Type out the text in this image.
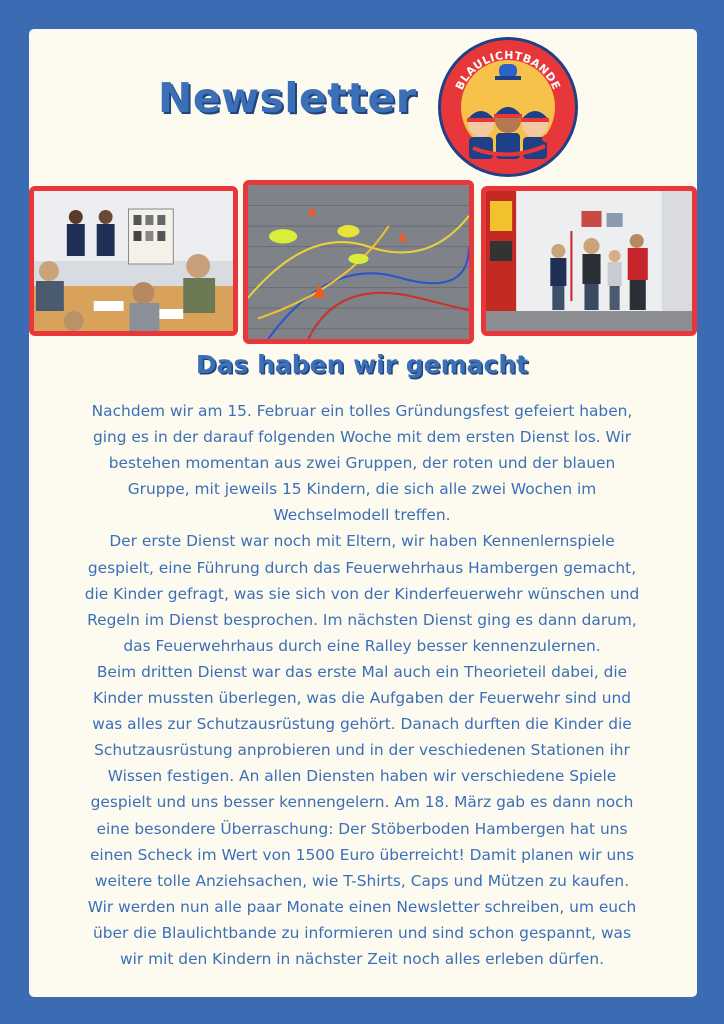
Newsletter	BLAULICHTBANDE
Das haben wir gemacht

Nachdem wir am 15. Februar ein tolles Gründungsfest gefeiert haben,
ging es in der darauf folgenden Woche mit dem ersten Dienst los. Wir
bestehen momentan aus zwei Gruppen, der roten und der blauen
Gruppe, mit jeweils 15 Kindern, die sich alle zwei Wochen im
Wechselmodell treffen.
Der erste Dienst war noch mit Eltern, wir haben Kennenlernspiele
gespielt, eine Führung durch das Feuerwehrhaus Hambergen gemacht,
die Kinder gefragt, was sie sich von der Kinderfeuerwehr wünschen und
Regeln im Dienst besprochen. Im nächsten Dienst ging es dann darum,
das Feuerwehrhaus durch eine Ralley besser kennenzulernen.
Beim dritten Dienst war das erste Mal auch ein Theorieteil dabei, die
Kinder mussten überlegen, was die Aufgaben der Feuerwehr sind und
was alles zur Schutzausrüstung gehört. Danach durften die Kinder die
Schutzausrüstung anprobieren und in der veschiedenen Stationen ihr
Wissen festigen. An allen Diensten haben wir verschiedene Spiele
gespielt und uns besser kennengelern. Am 18. März gab es dann noch
eine besondere Überraschung: Der Stöberboden Hambergen hat uns
einen Scheck im Wert von 1500 Euro überreicht! Damit planen wir uns
weitere tolle Anziehsachen, wie T-Shirts, Caps und Mützen zu kaufen.
Wir werden nun alle paar Monate einen Newsletter schreiben, um euch
über die Blaulichtbande zu informieren und sind schon gespannt, was
wir mit den Kindern in nächster Zeit noch alles erleben dürfen.
